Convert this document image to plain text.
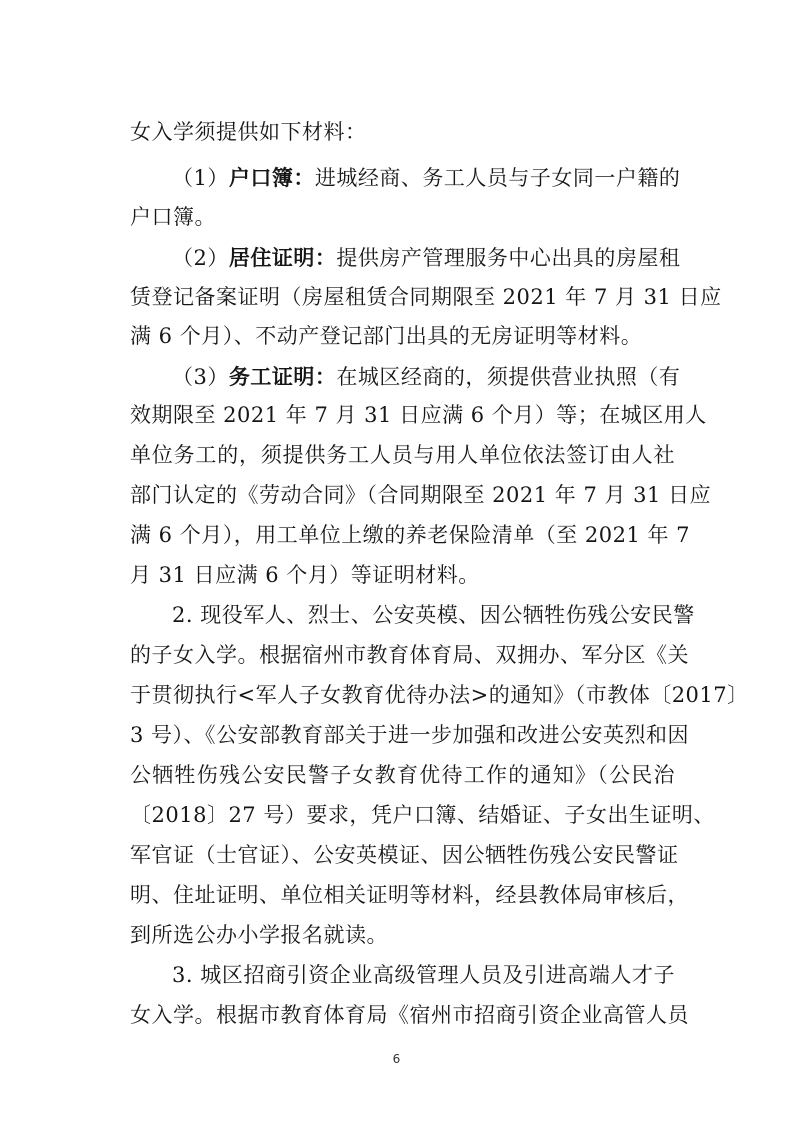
女入学须提供如下材料：
（1）户口簿：进城经商、务工人员与子女同一户籍的
户口簿。
（2）居住证明：提供房产管理服务中心出具的房屋租
赁登记备案证明（房屋租赁合同期限至 2021 年 7 月 31 日应
满 6 个月）、不动产登记部门出具的无房证明等材料。
（3）务工证明：在城区经商的，须提供营业执照（有
效期限至 2021 年 7 月 31 日应满 6 个月）等；在城区用人
单位务工的，须提供务工人员与用人单位依法签订由人社
部门认定的《劳动合同》（合同期限至 2021 年 7 月 31 日应
满 6 个月），用工单位上缴的养老保险清单（至 2021 年 7
月 31 日应满 6 个月）等证明材料。
2. 现役军人、烈士、公安英模、因公牺牲伤残公安民警
的子女入学。根据宿州市教育体育局、双拥办、军分区《关
于贯彻执行<军人子女教育优待办法>的通知》（市教体〔2017〕
3 号）、《公安部教育部关于进一步加强和改进公安英烈和因
公牺牲伤残公安民警子女教育优待工作的通知》（公民治
〔2018〕27 号）要求，凭户口簿、结婚证、子女出生证明、
军官证（士官证）、公安英模证、因公牺牲伤残公安民警证
明、住址证明、单位相关证明等材料，经县教体局审核后，
到所选公办小学报名就读。
3. 城区招商引资企业高级管理人员及引进高端人才子
女入学。根据市教育体育局《宿州市招商引资企业高管人员
6
